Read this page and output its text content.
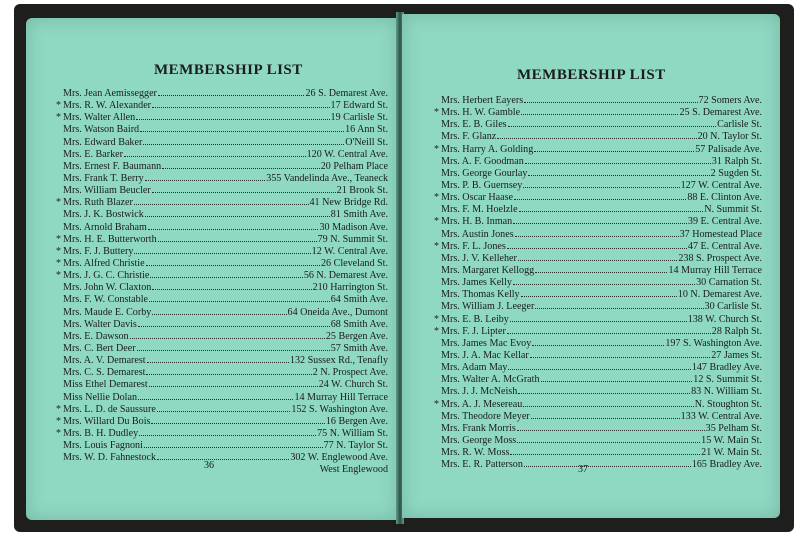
MEMBERSHIP LIST
Mrs. Jean Aemissegger	26 S. Demarest Ave.
* Mrs. R. W. Alexander	17 Edward St.
* Mrs. Walter Allen	19 Carlisle St.
Mrs. Watson Baird	16 Ann St.
Mrs. Edward Baker	O'Neill St.
Mrs. E. Barker	120 W. Central Ave.
Mrs. Ernest F. Baumann	20 Pelham Place
Mrs. Frank T. Berry	355 Vandelinda Ave., Teaneck
Mrs. William Beucler	21 Brook St.
* Mrs. Ruth Blazer	41 New Bridge Rd.
Mrs. J. K. Bostwick	81 Smith Ave.
Mrs. Arnold Braham	30 Madison Ave.
* Mrs. H. E. Butterworth	79 N. Summit St.
* Mrs. F. J. Buttery	12 W. Central Ave.
* Mrs. Alfred Christie	26 Cleveland St.
* Mrs. J. G. C. Christie	56 N. Demarest Ave.
Mrs. John W. Claxton	210 Harrington St.
Mrs. F. W. Constable	64 Smith Ave.
Mrs. Maude E. Corby	64 Oneida Ave., Dumont
Mrs. Walter Davis	68 Smith Ave.
Mrs. E. Dawson	25 Bergen Ave.
Mrs. C. Bert Deer	57 Smith Ave.
Mrs. A. V. Demarest	132 Sussex Rd., Tenafly
Mrs. C. S. Demarest	2 N. Prospect Ave.
Miss Ethel Demarest	24 W. Church St.
Miss Nellie Dolan	14 Murray Hill Terrace
* Mrs. L. D. de Saussure	152 S. Washington Ave.
* Mrs. Willard Du Bois	16 Bergen Ave.
* Mrs. B. H. Dudley	75 N. William St.
Mrs. Louis Fagnoni	77 N. Taylor St.
Mrs. W. D. Fahnestock	302 W. Englewood Ave.
West Englewood
36
MEMBERSHIP LIST
Mrs. Herbert Eayers	72 Somers Ave.
* Mrs. H. W. Gamble	25 S. Demarest Ave.
Mrs. E. B. Giles	Carlisle St.
Mrs. F. Glanz	20 N. Taylor St.
* Mrs. Harry A. Golding	57 Palisade Ave.
Mrs. A. F. Goodman	31 Ralph St.
Mrs. George Gourlay	2 Sugden St.
Mrs. P. B. Guernsey	127 W. Central Ave.
* Mrs. Oscar Haase	88 E. Clinton Ave.
Mrs. F. M. Hoelzle	N. Summit St.
* Mrs. H. B. Inman	39 E. Central Ave.
Mrs. Austin Jones	37 Homestead Place
* Mrs. F. L. Jones	47 E. Central Ave.
Mrs. J. V. Kelleher	238 S. Prospect Ave.
Mrs. Margaret Kellogg	14 Murray Hill Terrace
Mrs. James Kelly	30 Carnation St.
Mrs. Thomas Kelly	10 N. Demarest Ave.
Mrs. William J. Leeger	30 Carlisle St.
* Mrs. E. B. Leiby	138 W. Church St.
* Mrs. F. J. Lipter	28 Ralph St.
Mrs. James Mac Evoy	197 S. Washington Ave.
Mrs. J. A. Mac Kellar	27 James St.
Mrs. Adam May	147 Bradley Ave.
Mrs. Walter A. McGrath	12 S. Summit St.
Mrs. J. J. McNeish	83 N. William St.
* Mrs. A. J. Mesereau	N. Stoughton St.
Mrs. Theodore Meyer	133 W. Central Ave.
Mrs. Frank Morris	35 Pelham St.
Mrs. George Moss	15 W. Main St.
Mrs. R. W. Moss	21 W. Main St.
Mrs. E. R. Patterson	165 Bradley Ave.
37
